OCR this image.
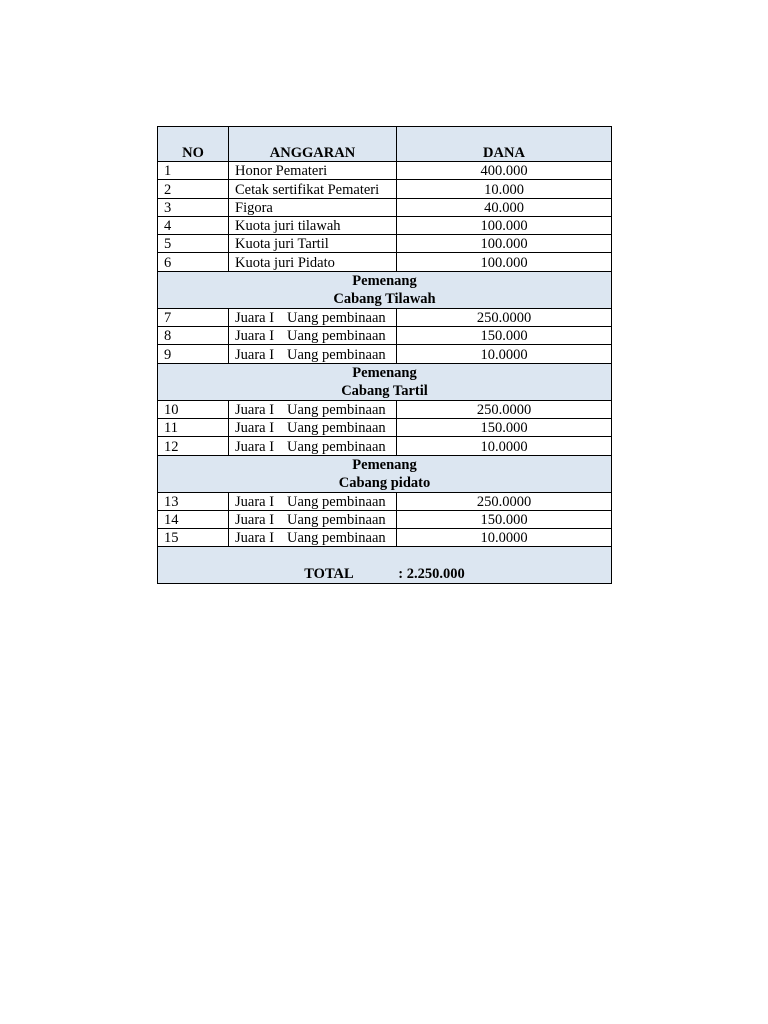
NO	ANGGARAN	DANA
1	Honor Pemateri	400.000
2	Cetak sertifikat Pemateri	10.000
3	Figora	40.000
4	Kuota juri tilawah	100.000
5	Kuota juri Tartil	100.000
6	Kuota juri Pidato	100.000

Pemenang
Cabang Tilawah		

7	Juara I Uang pembinaan	250.0000
8	Juara I Uang pembinaan	150.000
9	Juara I Uang pembinaan	10.0000

Pemenang
Cabang Tartil		

10	Juara I Uang pembinaan	250.0000
11	Juara I Uang pembinaan	150.000
12	Juara I Uang pembinaan	10.0000

Pemenang
Cabang pidato		

13	Juara I Uang pembinaan	250.0000
14	Juara I Uang pembinaan	150.000
15	Juara I Uang pembinaan	10.0000
TOTAL : 2.250.000		
